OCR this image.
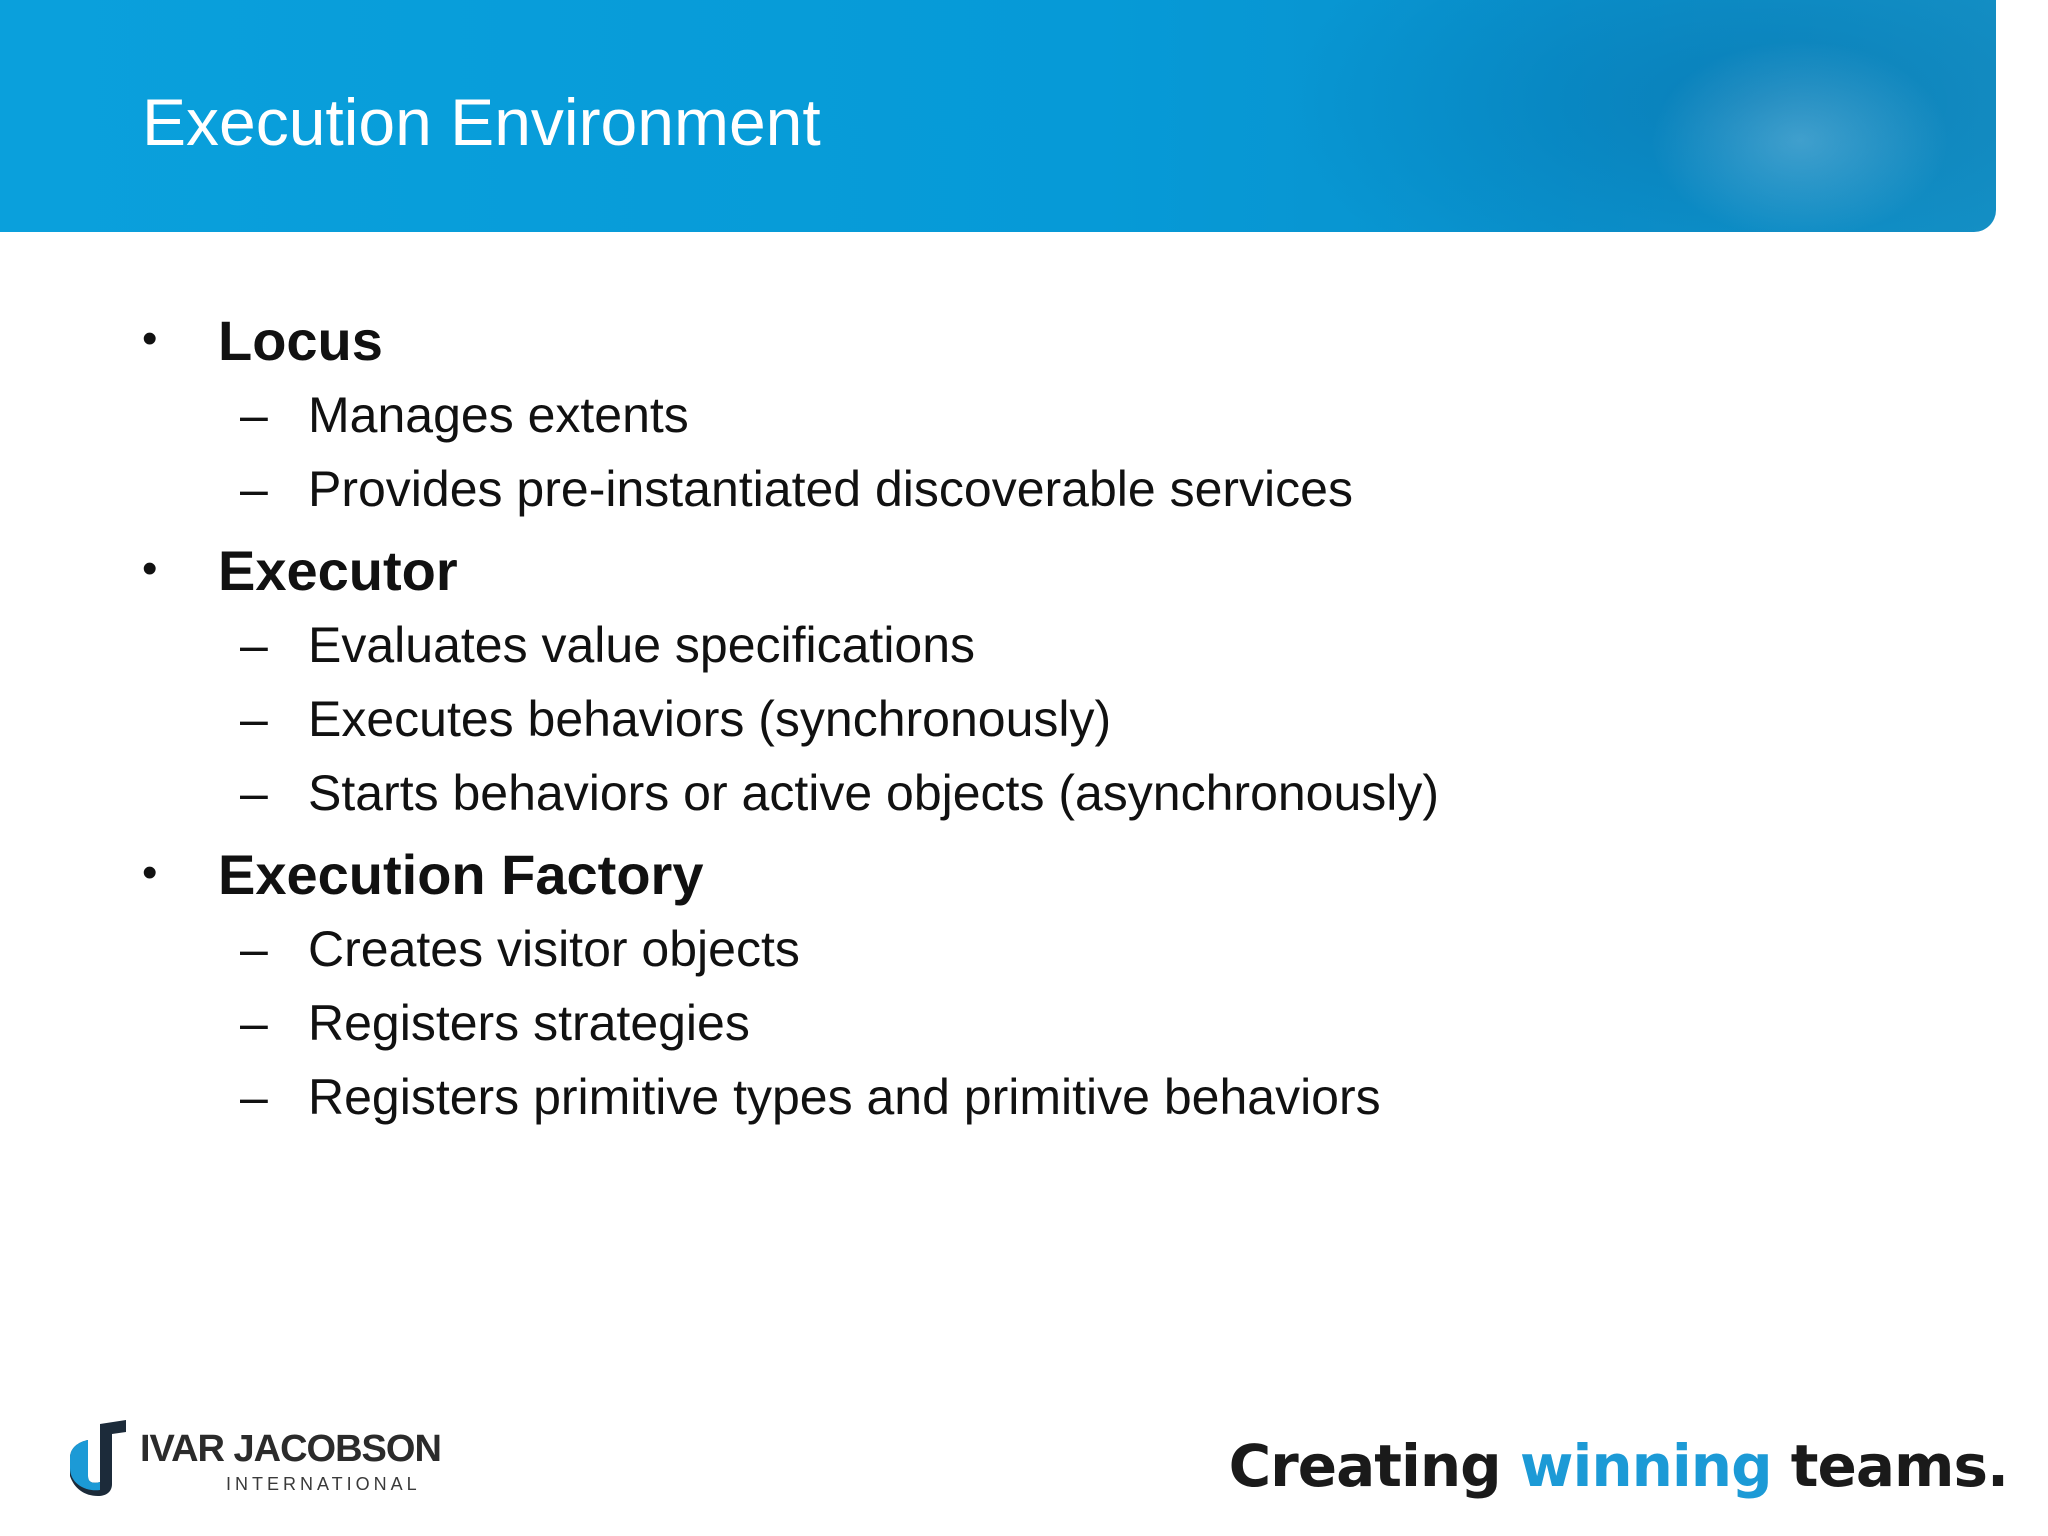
Execution Environment
• Locus
– Manages extents
– Provides pre-instantiated discoverable services
• Executor
– Evaluates value specifications
– Executes behaviors (synchronously)
– Starts behaviors or active objects (asynchronously)
• Execution Factory
– Creates visitor objects
– Registers strategies
– Registers primitive types and primitive behaviors
IVAR JACOBSON
INTERNATIONAL	Creating winning teams.
